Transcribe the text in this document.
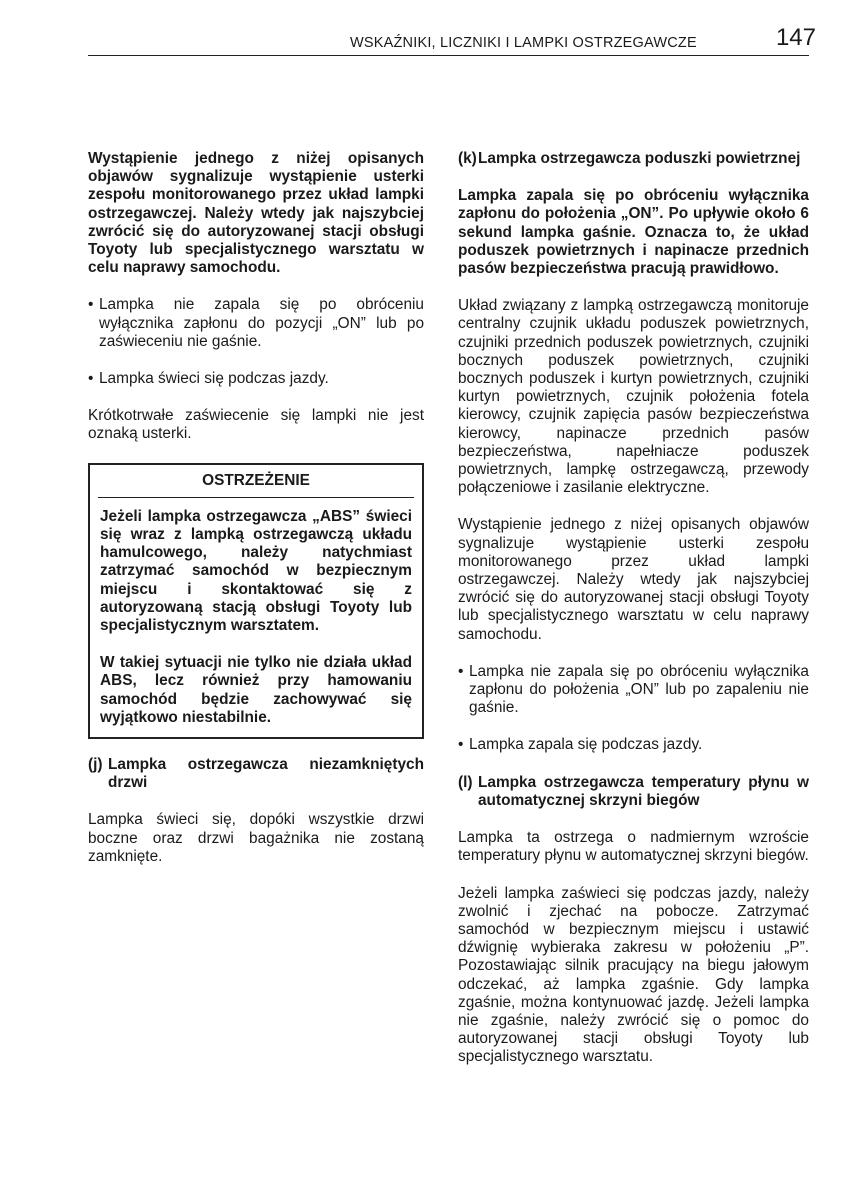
WSKAŹNIKI, LICZNIKI I LAMPKI OSTRZEGAWCZE	147

Wystąpienie jednego z niżej opisanych objawów sygnalizuje wystąpienie usterki zespołu monitorowanego przez układ lampki ostrzegawczej. Należy wtedy jak najszybciej zwrócić się do autoryzowanej stacji obsługi Toyoty lub specjalistycznego warsztatu w celu naprawy samochodu.

• Lampka nie zapala się po obróceniu wyłącznika zapłonu do pozycji „ON” lub po zaświeceniu nie gaśnie.
• Lampka świeci się podczas jazdy.

Krótkotrwałe zaświecenie się lampki nie jest oznaką usterki.

OSTRZEŻENIE

Jeżeli lampka ostrzegawcza „ABS” świeci się wraz z lampką ostrzegawczą układu hamulcowego, należy natychmiast zatrzymać samochód w bezpiecznym miejscu i skontaktować się z autoryzowaną stacją obsługi Toyoty lub specjalistycznym warsztatem.

W takiej sytuacji nie tylko nie działa układ ABS, lecz również przy hamowaniu samochód będzie zachowywać się wyjątkowo niestabilnie.

(j) Lampka ostrzegawcza niezamkniętych drzwi

Lampka świeci się, dopóki wszystkie drzwi boczne oraz drzwi bagażnika nie zostaną zamknięte.

(k) Lampka ostrzegawcza poduszki powietrznej

Lampka zapala się po obróceniu wyłącznika zapłonu do położenia „ON”. Po upływie około 6 sekund lampka gaśnie. Oznacza to, że układ poduszek powietrznych i napinacze przednich pasów bezpieczeństwa pracują prawidłowo.

Układ związany z lampką ostrzegawczą monitoruje centralny czujnik układu poduszek powietrznych, czujniki przednich poduszek powietrznych, czujniki bocznych poduszek powietrznych, czujniki bocznych poduszek i kurtyn powietrznych, czujniki kurtyn powietrznych, czujnik położenia fotela kierowcy, czujnik zapięcia pasów bezpieczeństwa kierowcy, napinacze przednich pasów bezpieczeństwa, napełniacze poduszek powietrznych, lampkę ostrzegawczą, przewody połączeniowe i zasilanie elektryczne.

Wystąpienie jednego z niżej opisanych objawów sygnalizuje wystąpienie usterki zespołu monitorowanego przez układ lampki ostrzegawczej. Należy wtedy jak najszybciej zwrócić się do autoryzowanej stacji obsługi Toyoty lub specjalistycznego warsztatu w celu naprawy samochodu.

• Lampka nie zapala się po obróceniu wyłącznika zapłonu do położenia „ON” lub po zapaleniu nie gaśnie.
• Lampka zapala się podczas jazdy.
(l) Lampka ostrzegawcza temperatury płynu w automatycznej skrzyni biegów

Lampka ta ostrzega o nadmiernym wzroście temperatury płynu w automatycznej skrzyni biegów.

Jeżeli lampka zaświeci się podczas jazdy, należy zwolnić i zjechać na pobocze. Zatrzymać samochód w bezpiecznym miejscu i ustawić dźwignię wybieraka zakresu w położeniu „P”. Pozostawiając silnik pracujący na biegu jałowym odczekać, aż lampka zgaśnie. Gdy lampka zgaśnie, można kontynuować jazdę. Jeżeli lampka nie zgaśnie, należy zwrócić się o pomoc do autoryzowanej stacji obsługi Toyoty lub specjalistycznego warsztatu.
